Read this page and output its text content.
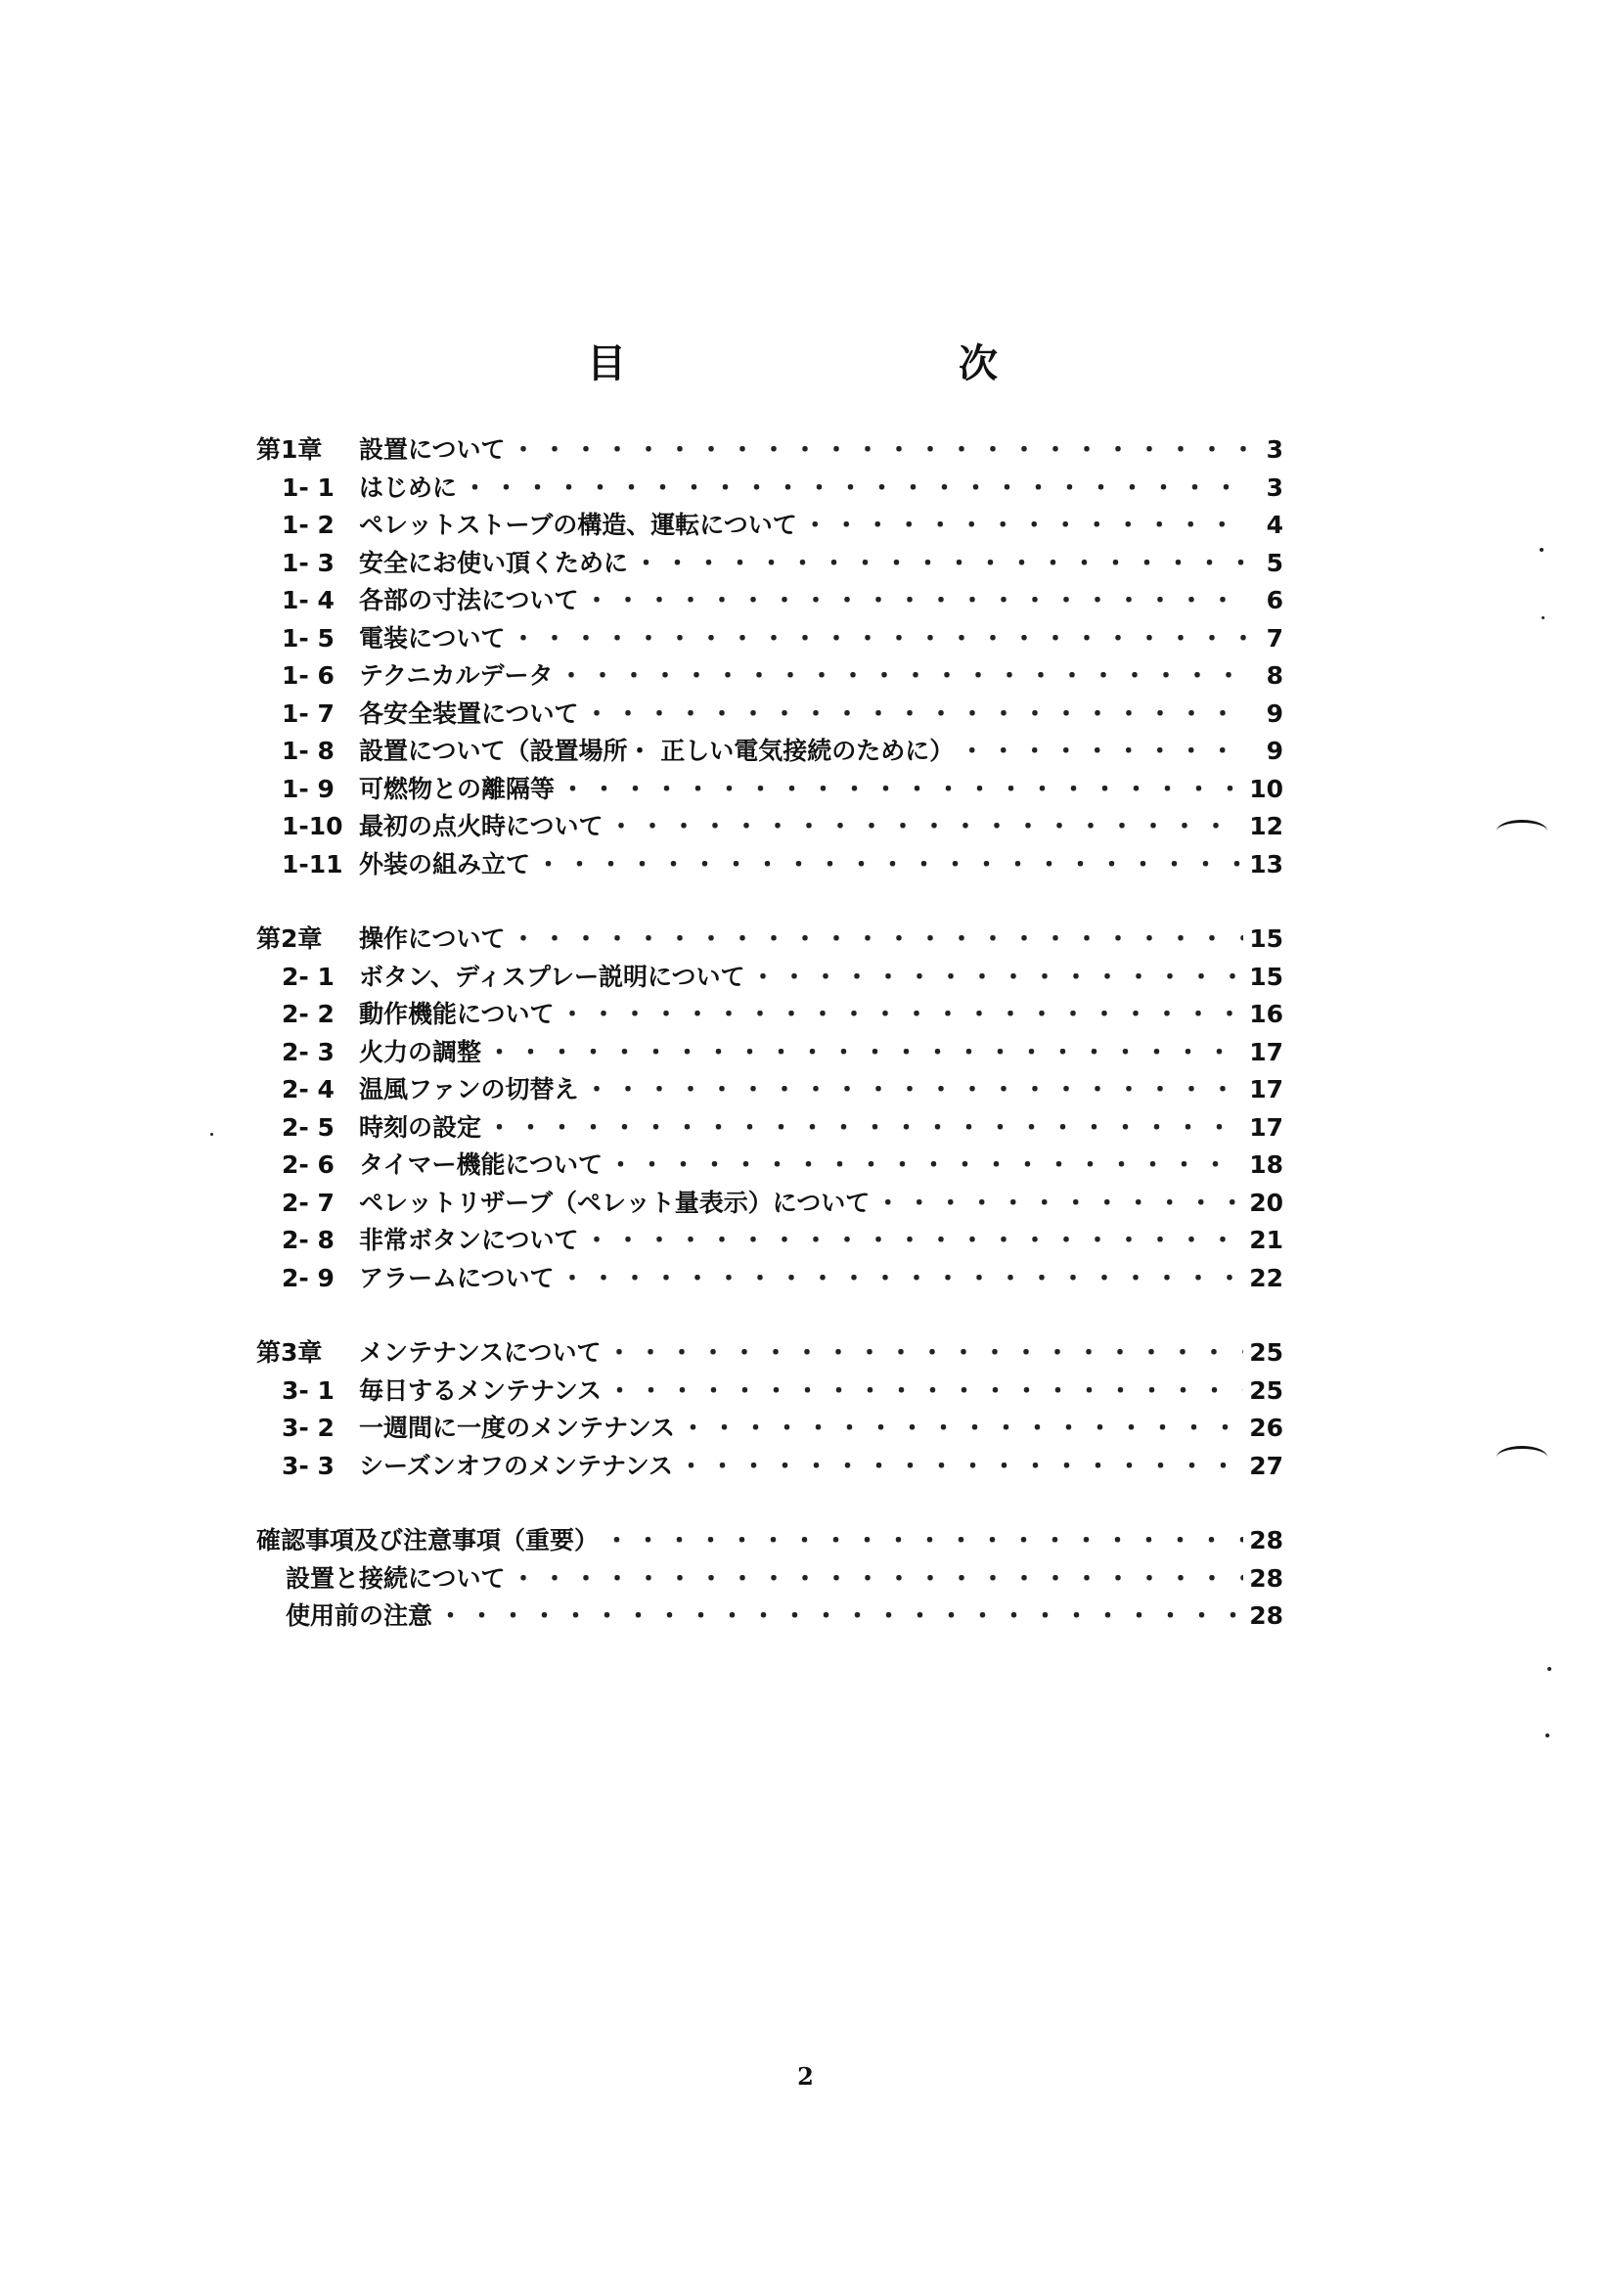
目	次
第1章	設置について ・・・・・・・・・・・・・・・・・・・・・・・・・・・・・・・・・・・・・・・・・・・・・・・・・・・・・・・・・・・・・・・・・・・・・・・・	3
1- 1	はじめに ・・・・・・・・・・・・・・・・・・・・・・・・・・・・・・・・・・・・・・・・・・・・・・・・・・・・・・・・・・・・・・・・・・・・・・・・	3
1- 2	ペレットストーブの構造、運転について ・・・・・・・・・・・・・・・・・・・・・・・・・・・・・・・・・・・・・・・・・・・・・・・・・・・・・・・・・・・・・・・・・・・・・・・・	4
1- 3	安全にお使い頂くために ・・・・・・・・・・・・・・・・・・・・・・・・・・・・・・・・・・・・・・・・・・・・・・・・・・・・・・・・・・・・・・・・・・・・・・・・	5
1- 4	各部の寸法について ・・・・・・・・・・・・・・・・・・・・・・・・・・・・・・・・・・・・・・・・・・・・・・・・・・・・・・・・・・・・・・・・・・・・・・・・	6
1- 5	電装について ・・・・・・・・・・・・・・・・・・・・・・・・・・・・・・・・・・・・・・・・・・・・・・・・・・・・・・・・・・・・・・・・・・・・・・・・	7
1- 6	テクニカルデータ ・・・・・・・・・・・・・・・・・・・・・・・・・・・・・・・・・・・・・・・・・・・・・・・・・・・・・・・・・・・・・・・・・・・・・・・・	8
1- 7	各安全装置について ・・・・・・・・・・・・・・・・・・・・・・・・・・・・・・・・・・・・・・・・・・・・・・・・・・・・・・・・・・・・・・・・・・・・・・・・	9
1- 8	設置について（設置場所・ 正しい電気接続のために） ・・・・・・・・・・・・・・・・・・・・・・・・・・・・・・・・・・・・・・・・・・・・・・・・・・・・・・・・・・・・・・・・・・・・・・・・	9
1- 9	可燃物との離隔等 ・・・・・・・・・・・・・・・・・・・・・・・・・・・・・・・・・・・・・・・・・・・・・・・・・・・・・・・・・・・・・・・・・・・・・・・・	10
1-10 最初の点火時について ・・・・・・・・・・・・・・・・・・・・・・・・・・・・・・・・・・・・・・・・・・・・・・・・・・・・・・・・・・・・・・・・・・・・・・・・	12
1-11 外装の組み立て ・・・・・・・・・・・・・・・・・・・・・・・・・・・・・・・・・・・・・・・・・・・・・・・・・・・・・・・・・・・・・・・・・・・・・・・・	13
第2章	操作について ・・・・・・・・・・・・・・・・・・・・・・・・・・・・・・・・・・・・・・・・・・・・・・・・・・・・・・・・・・・・・・・・・・・・・・・・	15
2- 1	ボタン、ディスプレー説明について ・・・・・・・・・・・・・・・・・・・・・・・・・・・・・・・・・・・・・・・・・・・・・・・・・・・・・・・・・・・・・・・・・・・・・・・・	15
2- 2	動作機能について ・・・・・・・・・・・・・・・・・・・・・・・・・・・・・・・・・・・・・・・・・・・・・・・・・・・・・・・・・・・・・・・・・・・・・・・・	16
2- 3	火力の調整 ・・・・・・・・・・・・・・・・・・・・・・・・・・・・・・・・・・・・・・・・・・・・・・・・・・・・・・・・・・・・・・・・・・・・・・・・	17
2- 4	温風ファンの切替え ・・・・・・・・・・・・・・・・・・・・・・・・・・・・・・・・・・・・・・・・・・・・・・・・・・・・・・・・・・・・・・・・・・・・・・・・	17
2- 5	時刻の設定 ・・・・・・・・・・・・・・・・・・・・・・・・・・・・・・・・・・・・・・・・・・・・・・・・・・・・・・・・・・・・・・・・・・・・・・・・	17
2- 6	タイマー機能について ・・・・・・・・・・・・・・・・・・・・・・・・・・・・・・・・・・・・・・・・・・・・・・・・・・・・・・・・・・・・・・・・・・・・・・・・	18
2- 7	ペレットリザーブ（ペレット量表示）について ・・・・・・・・・・・・・・・・・・・・・・・・・・・・・・・・・・・・・・・・・・・・・・・・・・・・・・・・・・・・・・・・・・・・・・・・	20
2- 8	非常ボタンについて ・・・・・・・・・・・・・・・・・・・・・・・・・・・・・・・・・・・・・・・・・・・・・・・・・・・・・・・・・・・・・・・・・・・・・・・・	21
2- 9	アラームについて ・・・・・・・・・・・・・・・・・・・・・・・・・・・・・・・・・・・・・・・・・・・・・・・・・・・・・・・・・・・・・・・・・・・・・・・・	22
第3章	メンテナンスについて ・・・・・・・・・・・・・・・・・・・・・・・・・・・・・・・・・・・・・・・・・・・・・・・・・・・・・・・・・・・・・・・・・・・・・・・・	25
3- 1	毎日するメンテナンス ・・・・・・・・・・・・・・・・・・・・・・・・・・・・・・・・・・・・・・・・・・・・・・・・・・・・・・・・・・・・・・・・・・・・・・・・	25
3- 2	一週間に一度のメンテナンス ・・・・・・・・・・・・・・・・・・・・・・・・・・・・・・・・・・・・・・・・・・・・・・・・・・・・・・・・・・・・・・・・・・・・・・・・	26
3- 3	シーズンオフのメンテナンス ・・・・・・・・・・・・・・・・・・・・・・・・・・・・・・・・・・・・・・・・・・・・・・・・・・・・・・・・・・・・・・・・・・・・・・・・	27
確認事項及び注意事項（重要） ・・・・・・・・・・・・・・・・・・・・・・・・・・・・・・・・・・・・・・・・・・・・・・・・・・・・・・・・・・・・・・・・・・・・・・・・	28
設置と接続について ・・・・・・・・・・・・・・・・・・・・・・・・・・・・・・・・・・・・・・・・・・・・・・・・・・・・・・・・・・・・・・・・・・・・・・・・	28
使用前の注意 ・・・・・・・・・・・・・・・・・・・・・・・・・・・・・・・・・・・・・・・・・・・・・・・・・・・・・・・・・・・・・・・・・・・・・・・・	28
2
